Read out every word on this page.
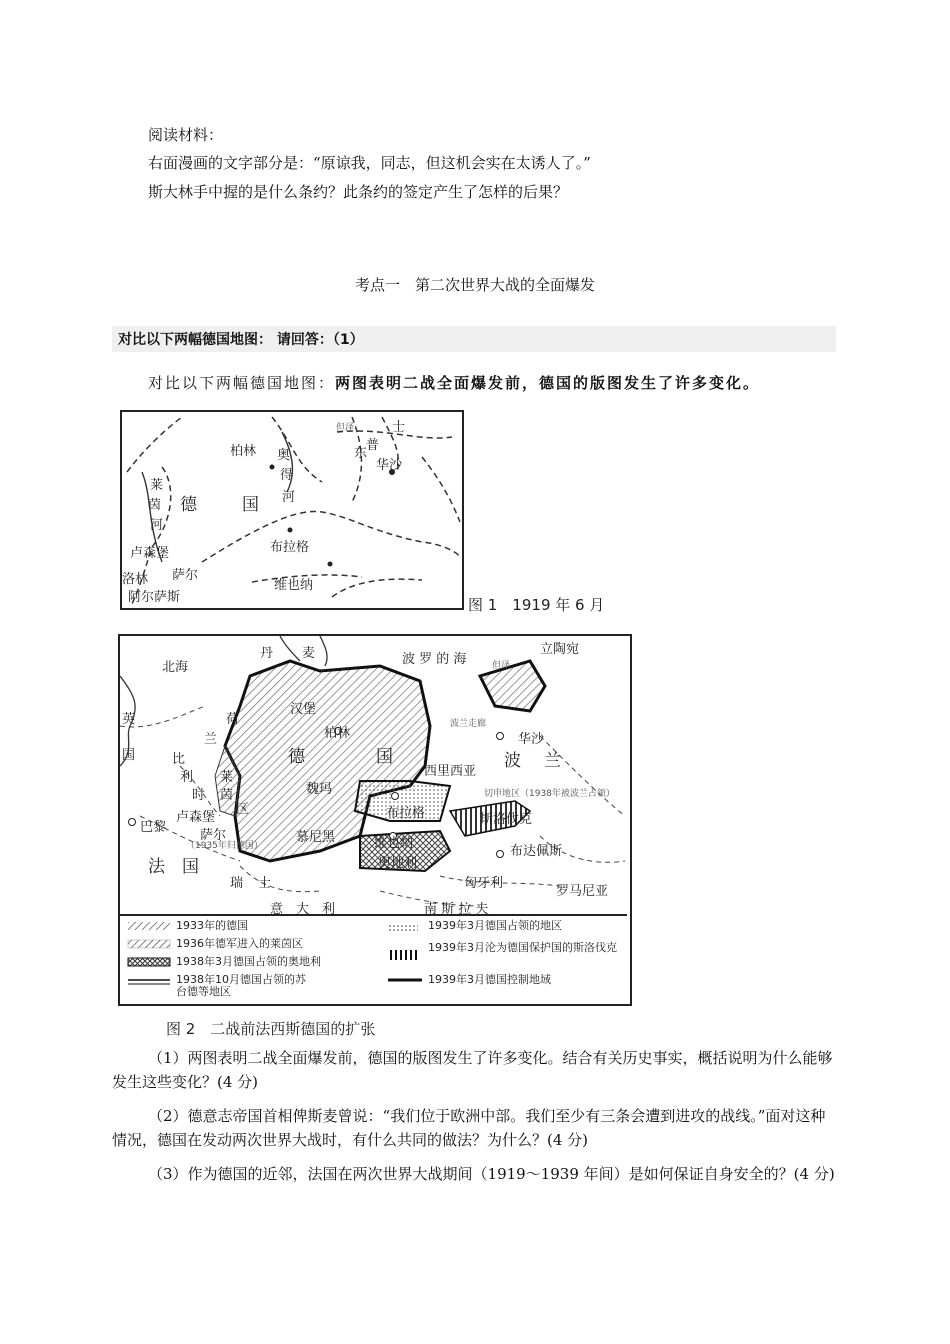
阅读材料：
右面漫画的文字部分是：“原谅我，同志，但这机会实在太诱人了。”
斯大林手中握的是什么条约？此条约的签定产生了怎样的后果？
考点一　第二次世界大战的全面爆发
对比以下两幅德国地图： 请回答：（1）
对比以下两幅德国地图：两图表明二战全面爆发前，德国的版图发生了许多变化。
德	国
柏林 奥
得
河
莱
茵
河
但泽
普
东
士
华沙
布拉格
维也纳
卢森堡
萨尔
洛林
阿尔萨斯	图 1　1919 年 6 月
北海
丹 麦	波 罗 的 海
立陶宛
但泽
波兰走廊
汉堡
柏林
德	国
华沙
波 兰
英
国
荷
兰
比
利
时
莱
茵
区
魏玛
西里西亚
切申地区（1938年被波兰占领）
布拉格	斯洛伐克
巴黎
卢森堡
萨尔
（1935年归德国）
慕尼黑	维也纳
奥地利
布达佩斯
法 国
瑞 士	匈牙利
罗马尼亚
意　大　利	南 斯 拉 夫
1933年的德国
1936年德军进入的莱茵区
1938年3月德国占领的奥地利
1938年10月德国占领的苏台德等地区
1939年3月德国占领的地区
1939年3月沦为德国保护国的斯洛伐克
1939年3月德国控制地域
图 2　二战前法西斯德国的扩张
（1）两图表明二战全面爆发前，德国的版图发生了许多变化。结合有关历史事实，概括说明为什么能够发生这些变化？(4 分)
（2）德意志帝国首相俾斯麦曾说：“我们位于欧洲中部。我们至少有三条会遭到进攻的战线。”面对这种情况，德国在发动两次世界大战时，有什么共同的做法？为什么？(4 分)
（3）作为德国的近邻，法国在两次世界大战期间（1919～1939 年间）是如何保证自身安全的？(4 分)
